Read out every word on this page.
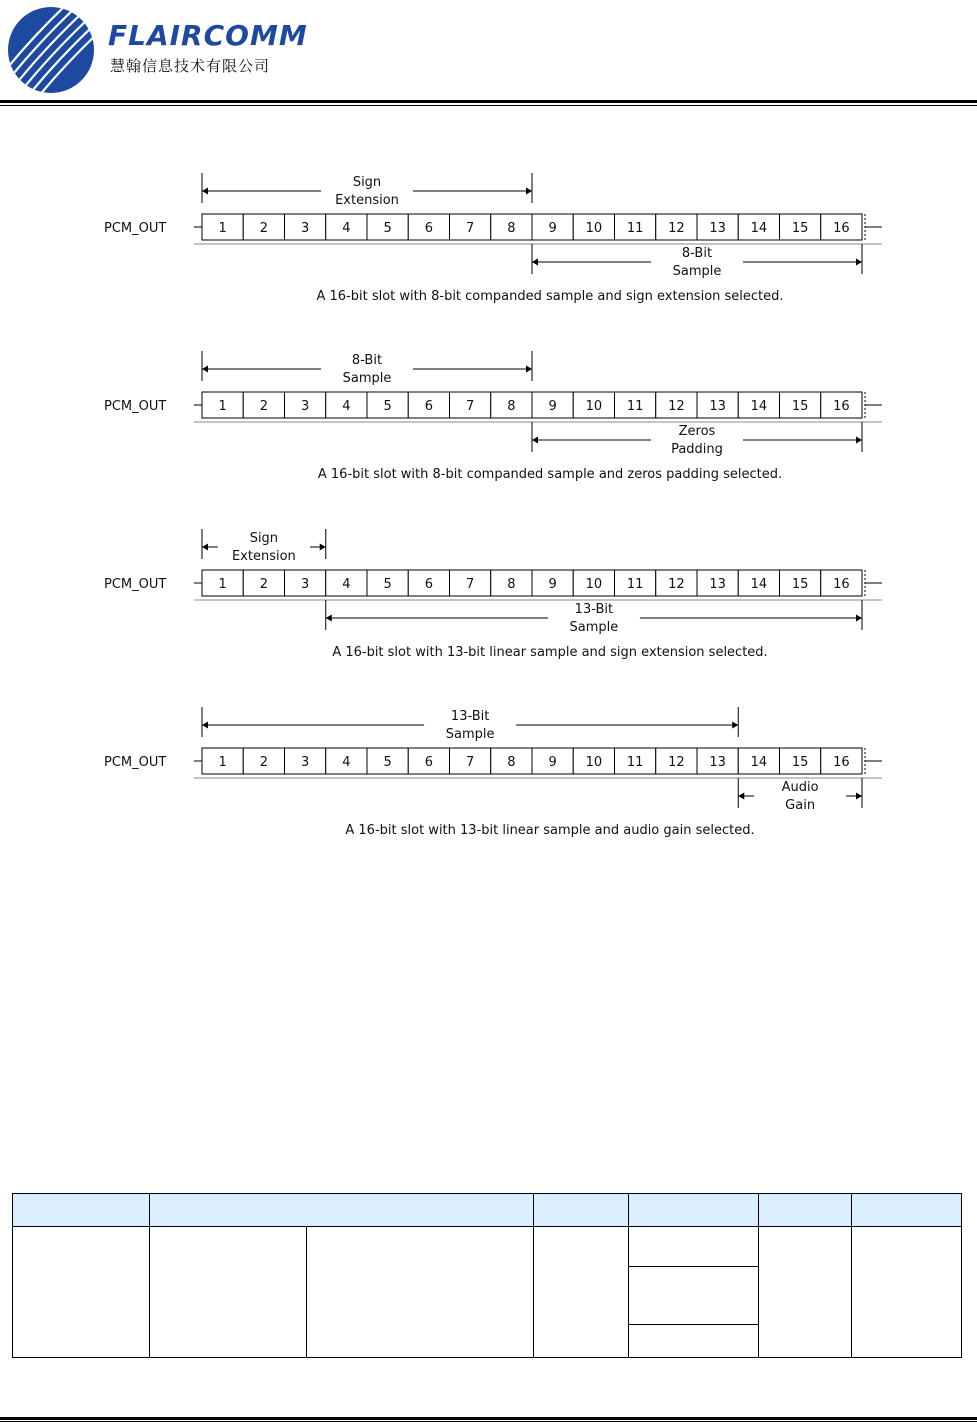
FLAIRCOMM
慧翰信息技术有限公司
PCM_OUT	1	2	3	4	5	6	7	8	9 10 11 12 13 14 15 16
Sign
Extension
8-Bit
Sample
A 16-bit slot with 8-bit companded sample and sign extension selected.
PCM_OUT	1	2	3	4	5	6	7	8	9 10 11 12 13 14 15 16
8-Bit
Sample
Zeros
Padding
A 16-bit slot with 8-bit companded sample and zeros padding selected.
PCM_OUT	1	2	3	4	5	6	7	8	9 10 11 12 13 14 15 16
Sign
Extension
13-Bit
Sample
A 16-bit slot with 13-bit linear sample and sign extension selected.
PCM_OUT	1	2	3	4	5	6	7	8	9 10 11 12 13 14 15 16
13-Bit
Sample
Audio
Gain
A 16-bit slot with 13-bit linear sample and audio gain selected.
